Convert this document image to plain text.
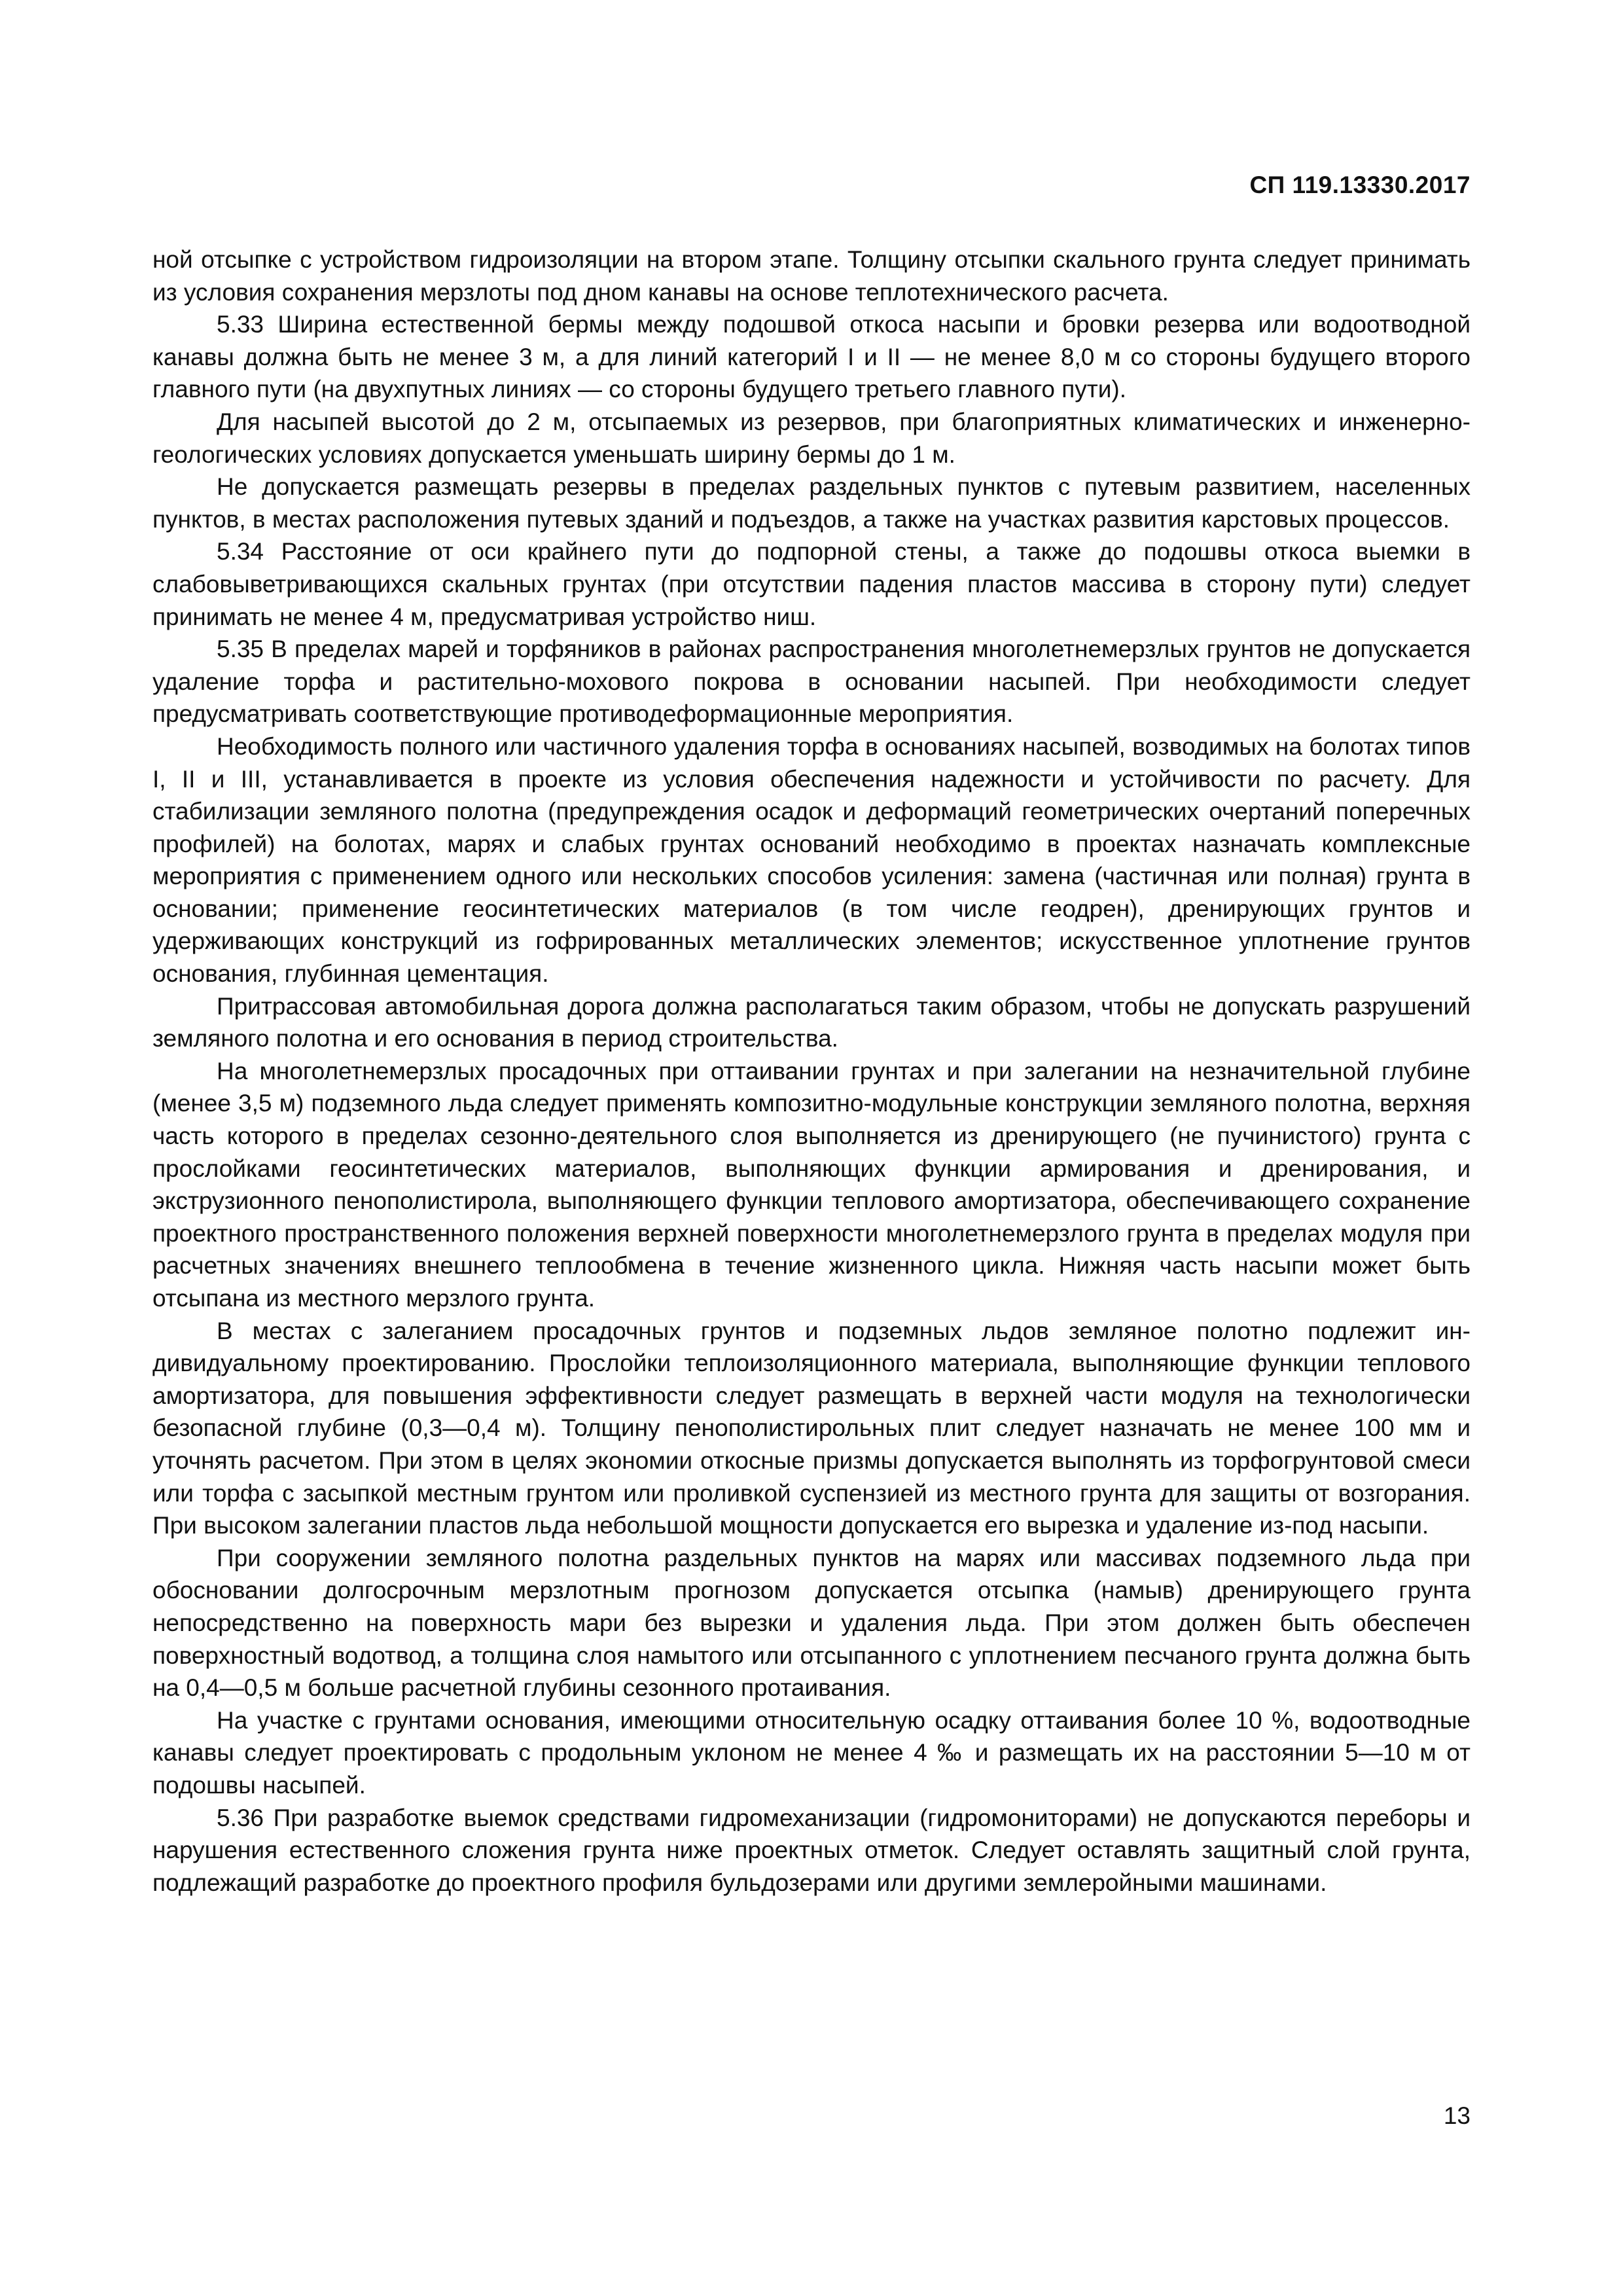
СП 119.13330.2017

ной отсыпке с устройством гидроизоляции на втором этапе. Толщину отсыпки скального грунта следует принимать из условия сохранения мерзлоты под дном канавы на основе теплотехнического расчета.

5.33 Ширина естественной бермы между подошвой откоса насыпи и бровки резерва или водоотводной канавы должна быть не менее 3 м, а для линий категорий I и II — не менее 8,0 м со стороны будущего второго главного пути (на двухпутных линиях — со стороны будущего третьего главного пути).

Для насыпей высотой до 2 м, отсыпаемых из резервов, при благоприятных климатических и инженерно-геологических условиях допускается уменьшать ширину бермы до 1 м.

Не допускается размещать резервы в пределах раздельных пунктов с путевым развитием, населенных пунктов, в местах расположения путевых зданий и подъездов, а также на участках развития карстовых процессов.

5.34 Расстояние от оси крайнего пути до подпорной стены, а также до подошвы откоса выемки в слабовыветривающихся скальных грунтах (при отсутствии падения пластов массива в сторону пути) следует принимать не менее 4 м, предусматривая устройство ниш.

5.35 В пределах марей и торфяников в районах распространения многолетнемерзлых грунтов не допускается удаление торфа и растительно-мохового покрова в основании насыпей. При необходимости следует предусматривать соответствующие противодеформационные мероприятия.

Необходимость полного или частичного удаления торфа в основаниях насыпей, возводимых на болотах типов I, II и III, устанавливается в проекте из условия обеспечения надежности и устойчивости по расчету. Для стабилизации земляного полотна (предупреждения осадок и деформаций геометрических очертаний поперечных профилей) на болотах, марях и слабых грунтах оснований необходимо в проектах назначать комплексные мероприятия с применением одного или нескольких способов усиления: замена (частичная или полная) грунта в основании; применение геосинтетических материалов (в том числе геодрен), дренирующих грунтов и удерживающих конструкций из гофрированных металлических элементов; искусственное уплотнение грунтов основания, глубинная цементация.

Притрассовая автомобильная дорога должна располагаться таким образом, чтобы не допускать разрушений земляного полотна и его основания в период строительства.

На многолетнемерзлых просадочных при оттаивании грунтах и при залегании на незначительной глубине (менее 3,5 м) подземного льда следует применять композитно-модульные конструкции земляного полотна, верхняя часть которого в пределах сезонно-деятельного слоя выполняется из дренирующего (не пучинистого) грунта с прослойками геосинтетических материалов, выполняющих функции армирования и дренирования, и экструзионного пенополистирола, выполняющего функции теплового амортизатора, обеспечивающего сохранение проектного пространственного положения верхней поверхности многолетнемерзлого грунта в пределах модуля при расчетных значениях внешнего теплообмена в течение жизненного цикла. Нижняя часть насыпи может быть отсыпана из местного мерзлого грунта.

В местах с залеганием просадочных грунтов и подземных льдов земляное полотно подлежит индивидуальному проектированию. Прослойки теплоизоляционного материала, выполняющие функции теплового амортизатора, для повышения эффективности следует размещать в верхней части модуля на технологически безопасной глубине (0,3—0,4 м). Толщину пенополистирольных плит следует назначать не менее 100 мм и уточнять расчетом. При этом в целях экономии откосные призмы допускается выполнять из торфогрунтовой смеси или торфа с засыпкой местным грунтом или проливкой суспензией из местного грунта для защиты от возгорания. При высоком залегании пластов льда небольшой мощности допускается его вырезка и удаление из-под насыпи.

При сооружении земляного полотна раздельных пунктов на марях или массивах подземного льда при обосновании долгосрочным мерзлотным прогнозом допускается отсыпка (намыв) дренирующего грунта непосредственно на поверхность мари без вырезки и удаления льда. При этом должен быть обеспечен поверхностный водотвод, а толщина слоя намытого или отсыпанного с уплотнением песчаного грунта должна быть на 0,4—0,5 м больше расчетной глубины сезонного протаивания.

На участке с грунтами основания, имеющими относительную осадку оттаивания более 10 %, водоотводные канавы следует проектировать с продольным уклоном не менее 4 ‰ и размещать их на расстоянии 5—10 м от подошвы насыпей.

5.36 При разработке выемок средствами гидромеханизации (гидромониторами) не допускаются переборы и нарушения естественного сложения грунта ниже проектных отметок. Следует оставлять защитный слой грунта, подлежащий разработке до проектного профиля бульдозерами или другими землеройными машинами.

13
